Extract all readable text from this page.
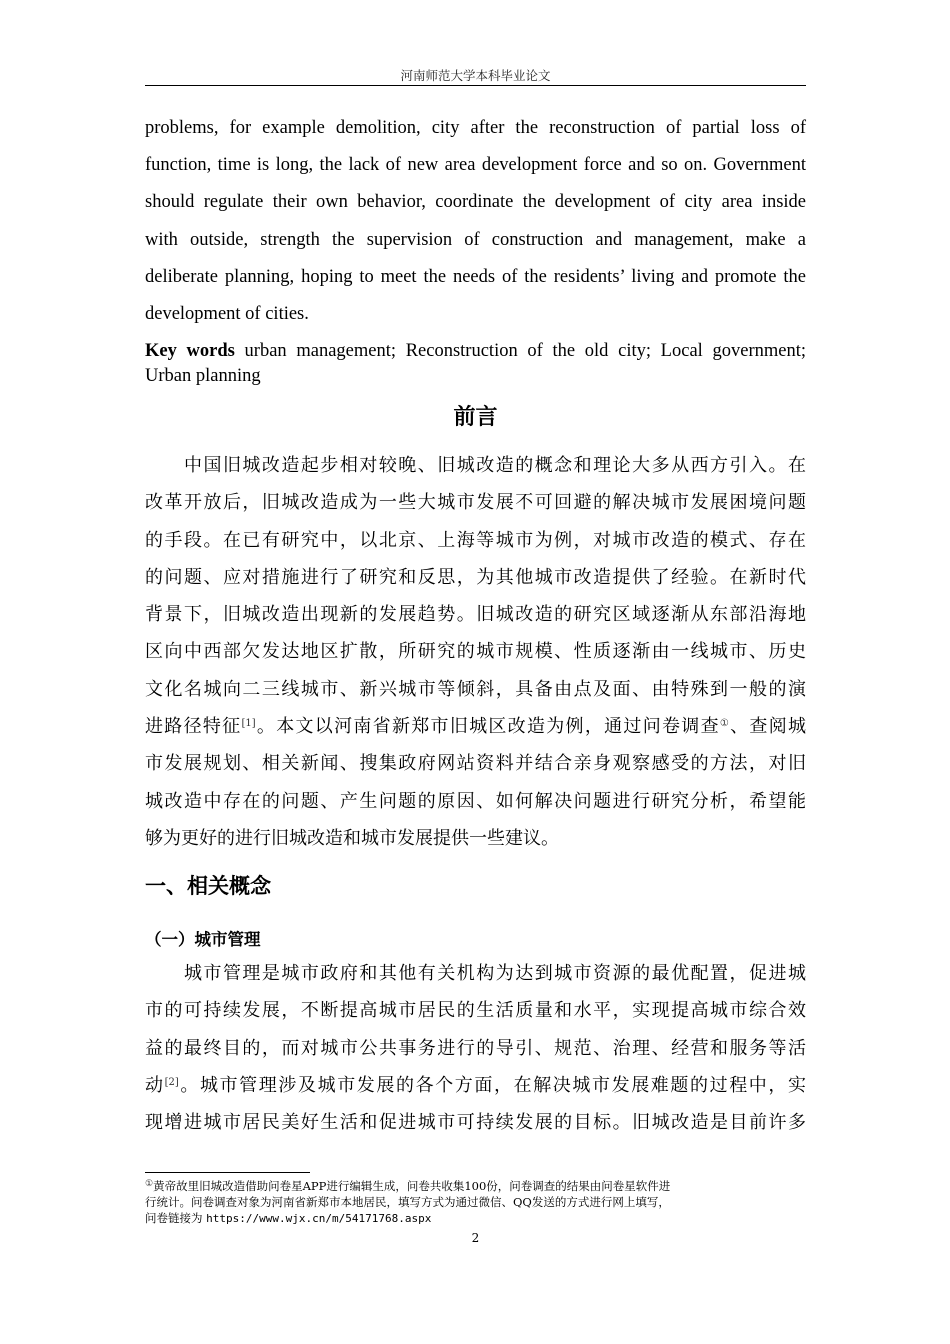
河南师范大学本科毕业论文
problems, for example demolition, city after the reconstruction of partial loss of
function, time is long, the lack of new area development force and so on. Government
should regulate their own behavior, coordinate the development of city area inside
with outside, strength the supervision of construction and management, make a
deliberate planning, hoping to meet the needs of the residents’ living and promote the
development of cities.
Key words urban management; Reconstruction of the old city; Local government;
Urban planning
前言
　　中国旧城改造起步相对较晚、旧城改造的概念和理论大多从西方引入。在
改革开放后，旧城改造成为一些大城市发展不可回避的解决城市发展困境问题
的手段。在已有研究中，以北京、上海等城市为例，对城市改造的模式、存在
的问题、应对措施进行了研究和反思，为其他城市改造提供了经验。在新时代
背景下，旧城改造出现新的发展趋势。旧城改造的研究区域逐渐从东部沿海地
区向中西部欠发达地区扩散，所研究的城市规模、性质逐渐由一线城市、历史
文化名城向二三线城市、新兴城市等倾斜，具备由点及面、由特殊到一般的演
进路径特征[1]。本文以河南省新郑市旧城区改造为例，通过问卷调查①、查阅城
市发展规划、相关新闻、搜集政府网站资料并结合亲身观察感受的方法，对旧
城改造中存在的问题、产生问题的原因、如何解决问题进行研究分析，希望能
够为更好的进行旧城改造和城市发展提供一些建议。
一、相关概念
（一）城市管理
　　城市管理是城市政府和其他有关机构为达到城市资源的最优配置，促进城
市的可持续发展，不断提高城市居民的生活质量和水平，实现提高城市综合效
益的最终目的，而对城市公共事务进行的导引、规范、治理、经营和服务等活
动[2]。城市管理涉及城市发展的各个方面，在解决城市发展难题的过程中，实
现增进城市居民美好生活和促进城市可持续发展的目标。旧城改造是目前许多
①黄帝故里旧城改造借助问卷星APP进行编辑生成，问卷共收集100份，问卷调查的结果由问卷星软件进
行统计。问卷调查对象为河南省新郑市本地居民，填写方式为通过微信、QQ发送的方式进行网上填写，
问卷链接为 https://www.wjx.cn/m/54171768.aspx
2
